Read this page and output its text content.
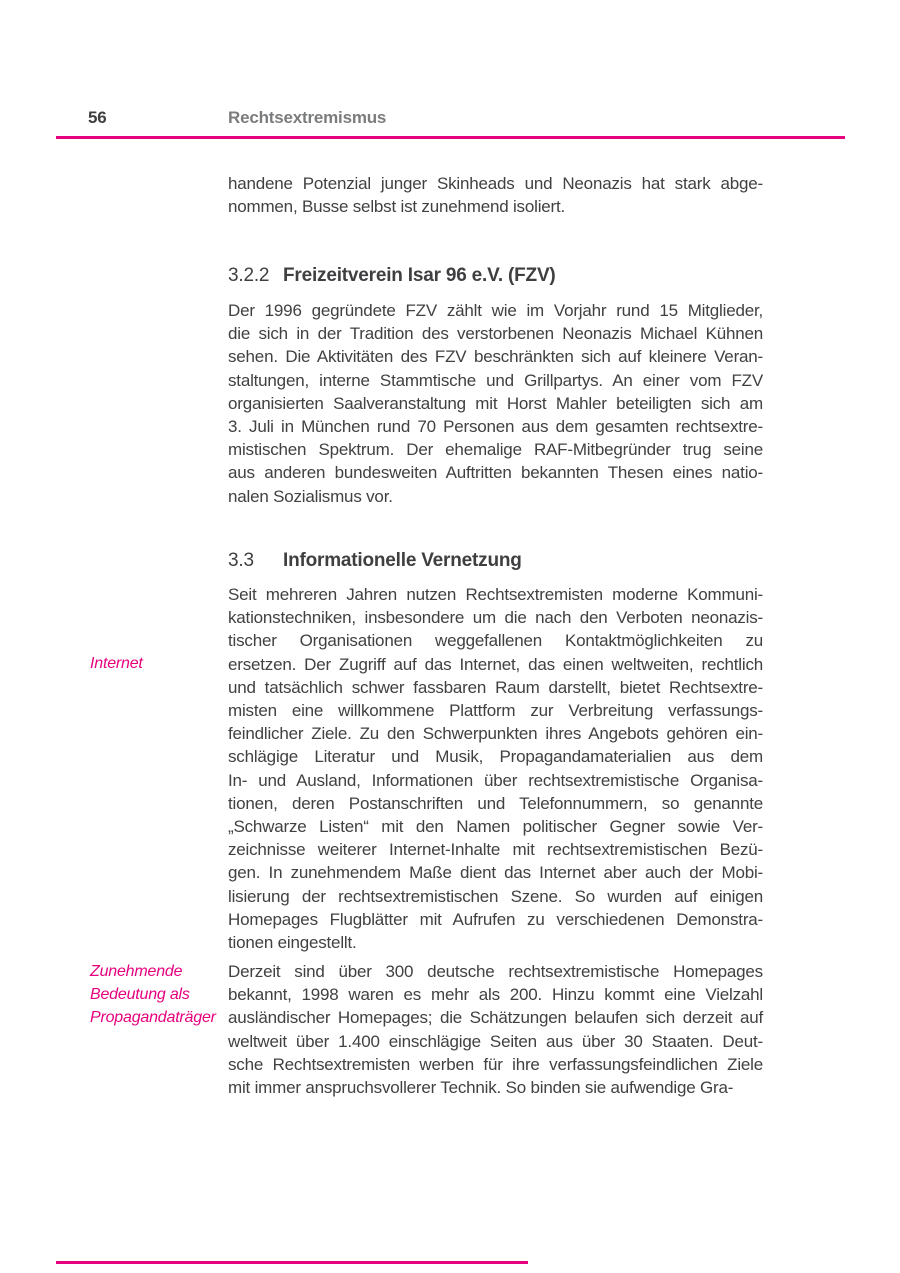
56	Rechtsextremismus
handene Potenzial junger Skinheads und Neonazis hat stark abge-
nommen, Busse selbst ist zunehmend isoliert.
3.2.2 Freizeitverein Isar 96 e.V. (FZV)
Der 1996 gegründete FZV zählt wie im Vorjahr rund 15 Mitglieder,
die sich in der Tradition des verstorbenen Neonazis Michael Kühnen
sehen. Die Aktivitäten des FZV beschränkten sich auf kleinere Veran-
staltungen, interne Stammtische und Grillpartys. An einer vom FZV
organisierten Saalveranstaltung mit Horst Mahler beteiligten sich am
3. Juli in München rund 70 Personen aus dem gesamten rechtsextre-
mistischen Spektrum. Der ehemalige RAF-Mitbegründer trug seine
aus anderen bundesweiten Auftritten bekannten Thesen eines natio-
nalen Sozialismus vor.
3.3 Informationelle Vernetzung
Seit mehreren Jahren nutzen Rechtsextremisten moderne Kommuni-
kationstechniken, insbesondere um die nach den Verboten neonazis-
tischer Organisationen weggefallenen Kontaktmöglichkeiten zu
ersetzen. Der Zugriff auf das Internet, das einen weltweiten, rechtlich
und tatsächlich schwer fassbaren Raum darstellt, bietet Rechtsextre-
misten eine willkommene Plattform zur Verbreitung verfassungs-
feindlicher Ziele. Zu den Schwerpunkten ihres Angebots gehören ein-
schlägige Literatur und Musik, Propagandamaterialien aus dem
In- und Ausland, Informationen über rechtsextremistische Organisa-
tionen, deren Postanschriften und Telefonnummern, so genannte
„Schwarze Listen“ mit den Namen politischer Gegner sowie Ver-
zeichnisse weiterer Internet-Inhalte mit rechtsextremistischen Bezü-
gen. In zunehmendem Maße dient das Internet aber auch der Mobi-
lisierung der rechtsextremistischen Szene. So wurden auf einigen
Homepages Flugblätter mit Aufrufen zu verschiedenen Demonstra-
tionen eingestellt.
Internet
Derzeit sind über 300 deutsche rechtsextremistische Homepages
bekannt, 1998 waren es mehr als 200. Hinzu kommt eine Vielzahl
ausländischer Homepages; die Schätzungen belaufen sich derzeit auf
weltweit über 1.400 einschlägige Seiten aus über 30 Staaten. Deut-
sche Rechtsextremisten werben für ihre verfassungsfeindlichen Ziele
mit immer anspruchsvollerer Technik. So binden sie aufwendige Gra-
Zunehmende
Bedeutung als
Propagandaträger
